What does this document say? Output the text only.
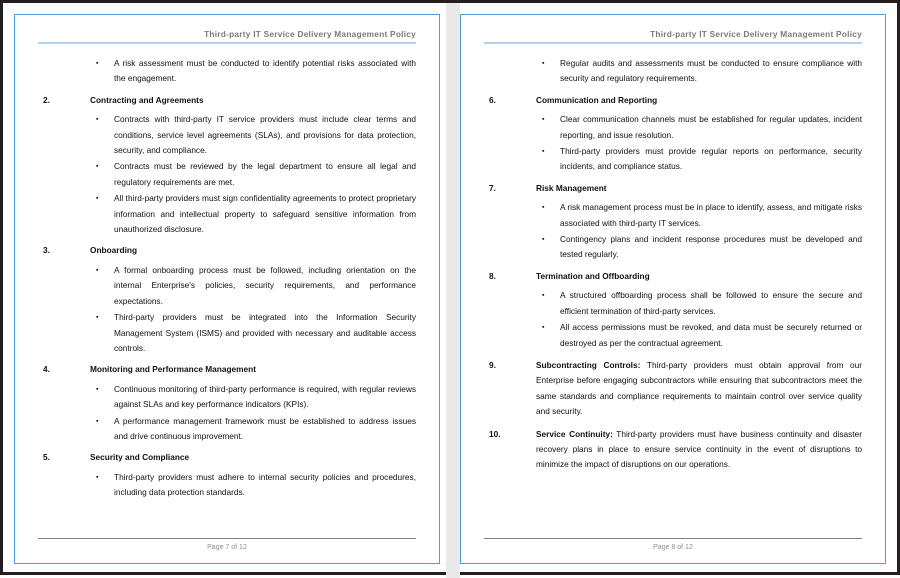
Third-party IT Service Delivery Management Policy
▪ A risk assessment must be conducted to identify potential risks associated with the engagement.
2.	Contracting and Agreements
▪ Contracts with third-party IT service providers must include clear terms and conditions, service level agreements (SLAs), and provisions for data protection, security, and compliance.
▪ Contracts must be reviewed by the legal department to ensure all legal and regulatory requirements are met.
▪ All third-party providers must sign confidentiality agreements to protect proprietary information and intellectual property to safeguard sensitive information from unauthorized disclosure.
3.	Onboarding
▪ A formal onboarding process must be followed, including orientation on the internal Enterprise's policies, security requirements, and performance expectations.
▪ Third-party providers must be integrated into the Information Security Management System (ISMS) and provided with necessary and auditable access controls.
4.	Monitoring and Performance Management
▪ Continuous monitoring of third-party performance is required, with regular reviews against SLAs and key performance indicators (KPIs).
▪ A performance management framework must be established to address issues and drive continuous improvement.
5.	Security and Compliance
▪ Third-party providers must adhere to internal security policies and procedures, including data protection standards.
Page 7 of 12
Third-party IT Service Delivery Management Policy
▪ Regular audits and assessments must be conducted to ensure compliance with security and regulatory requirements.
6.	Communication and Reporting
▪ Clear communication channels must be established for regular updates, incident reporting, and issue resolution.
▪ Third-party providers must provide regular reports on performance, security incidents, and compliance status.
7.	Risk Management
▪ A risk management process must be in place to identify, assess, and mitigate risks associated with third-party IT services.
▪ Contingency plans and incident response procedures must be developed and tested regularly.
8.	Termination and Offboarding
▪ A structured offboarding process shall be followed to ensure the secure and efficient termination of third-party services.
▪ All access permissions must be revoked, and data must be securely returned or destroyed as per the contractual agreement.
9.	Subcontracting Controls: Third-party providers must obtain approval from our Enterprise before engaging subcontractors while ensuring that subcontractors meet the same standards and compliance requirements to maintain control over service quality and security.
10.	Service Continuity: Third-party providers must have business continuity and disaster recovery plans in place to ensure service continuity in the event of disruptions to minimize the impact of disruptions on our operations.
Page 8 of 12
